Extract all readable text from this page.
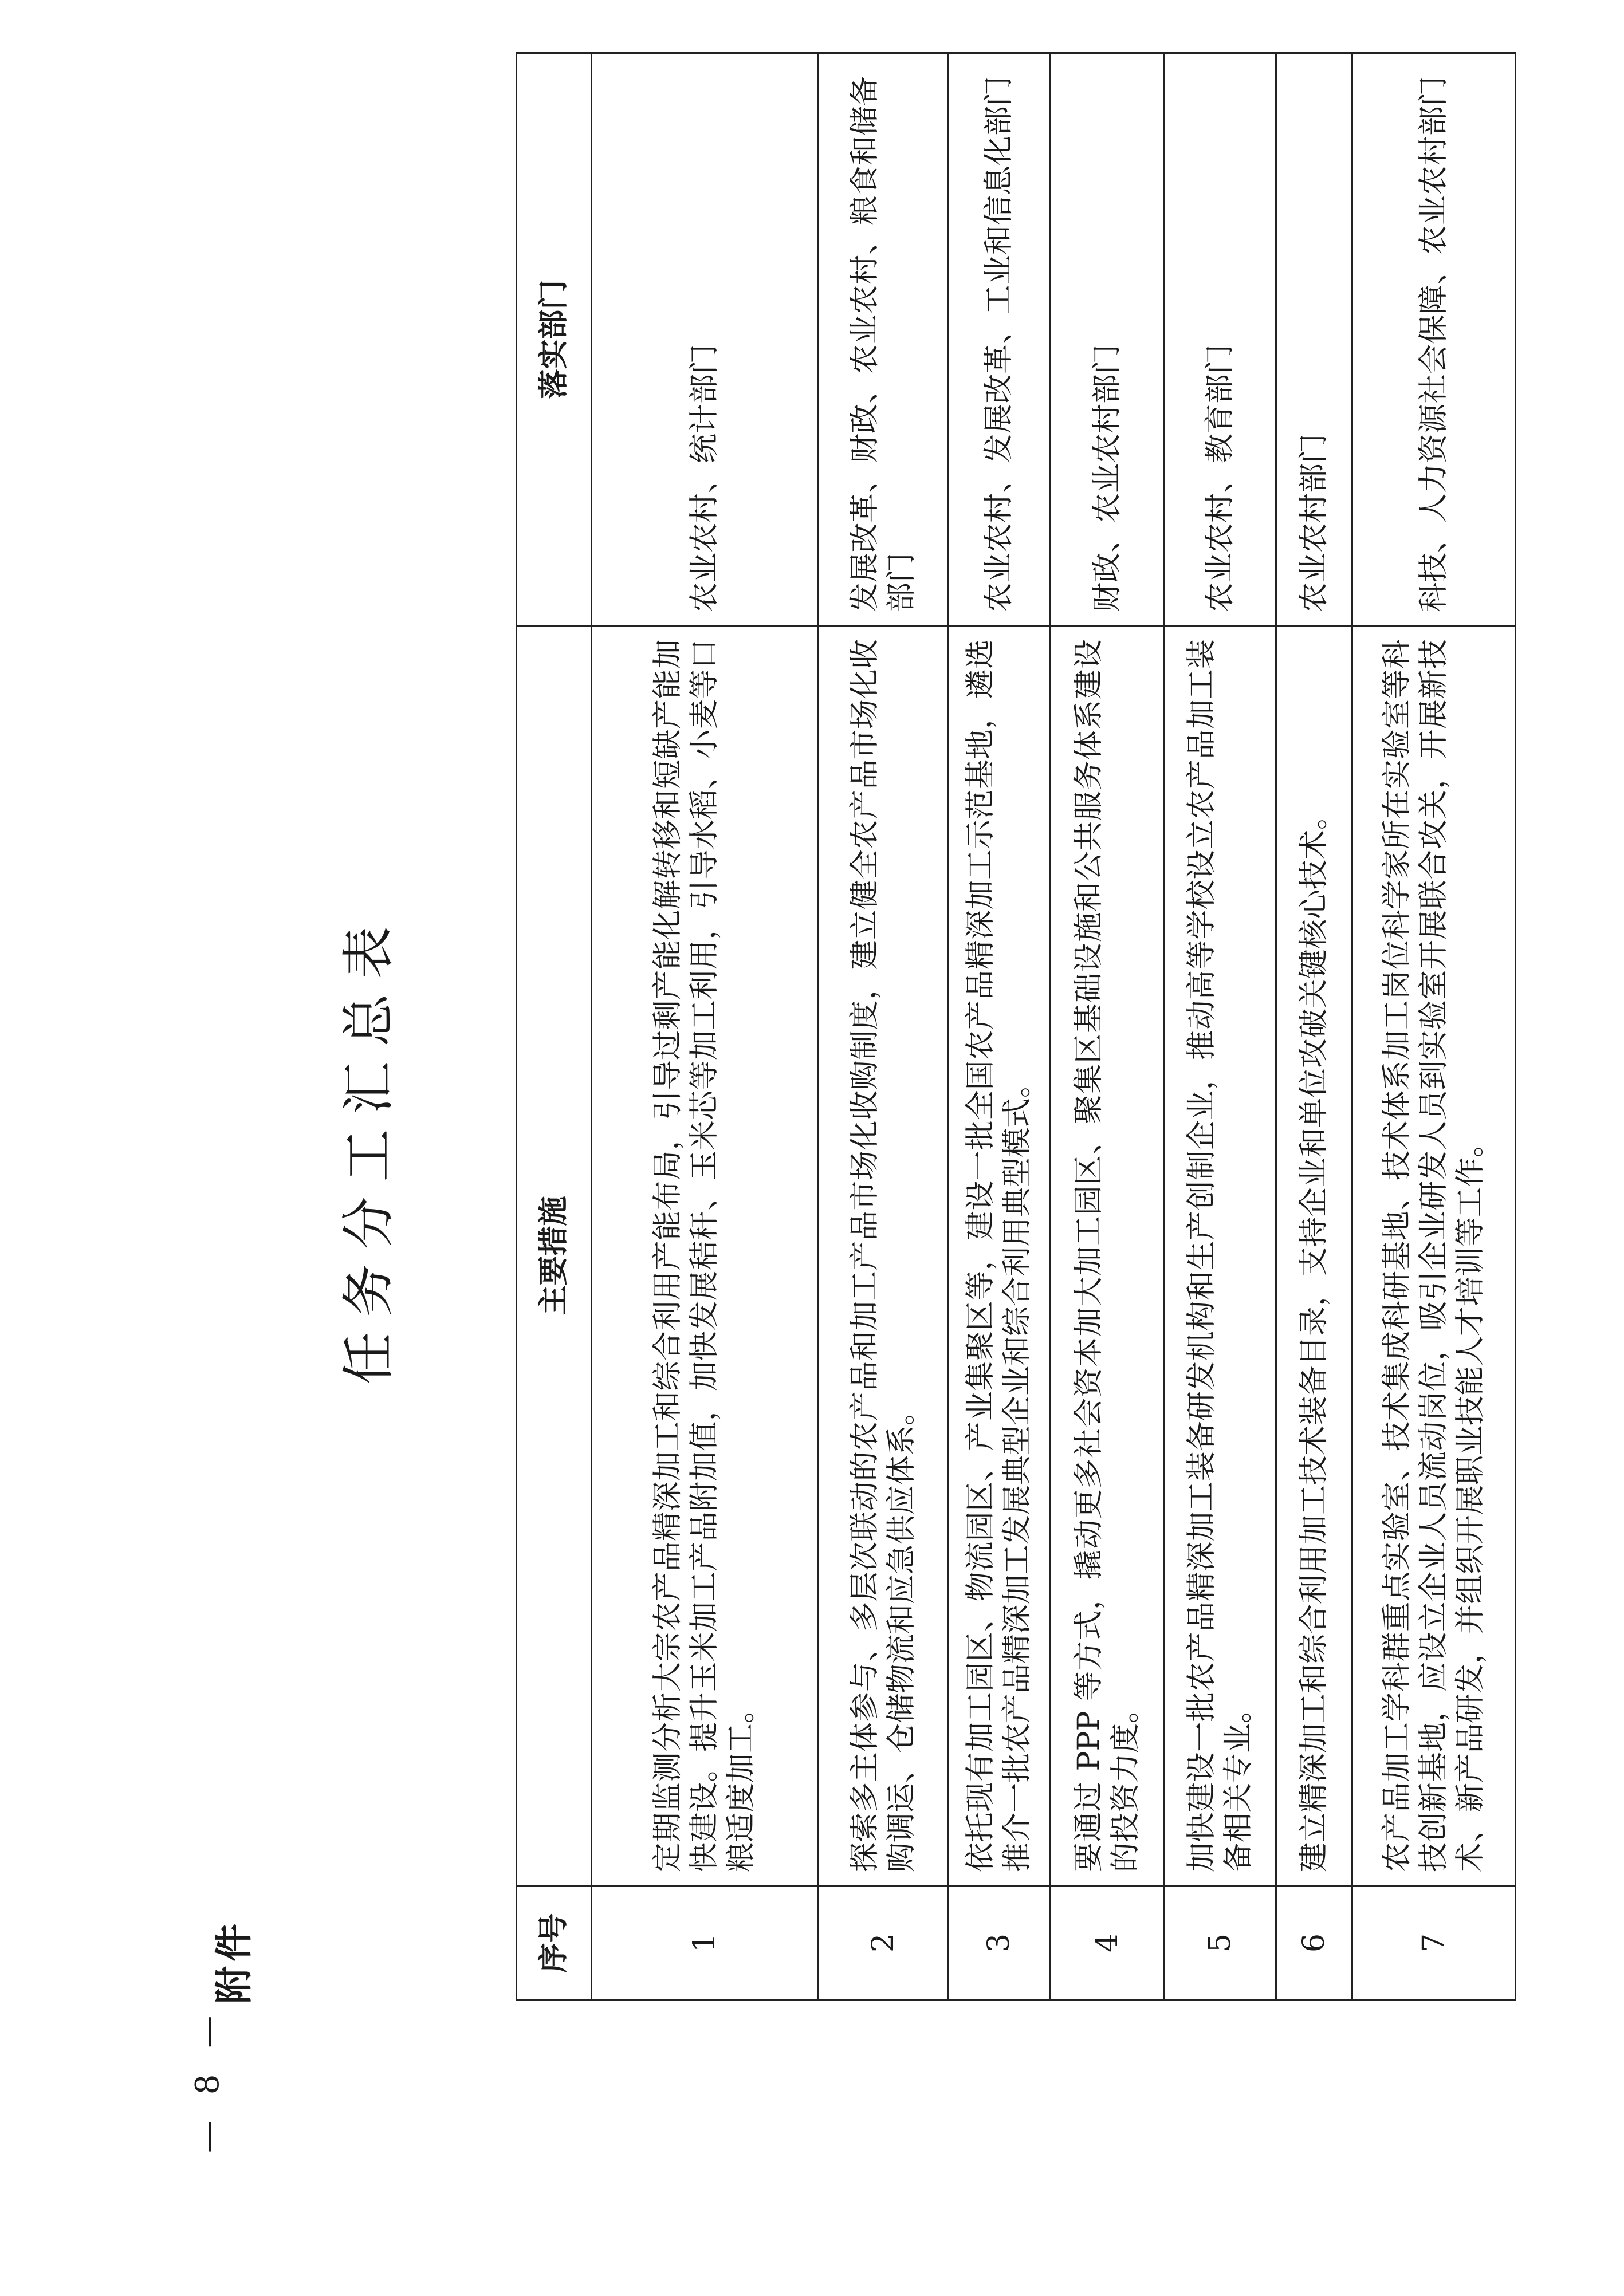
— 8 —
附件
任务分工汇总表
序号	主要措施	落实部门
1	定期监测分析大宗农产品精深加工和综合利用产能布局，引导过剩产能化解转移和短缺产能加快建设。提升玉米加工产品附加值，加快发展秸秆、玉米芯等加工利用，引导水稻、小麦等口粮适度加工。	农业农村、统计部门
2	探索多主体参与、多层次联动的农产品和加工产品市场化收购制度，建立健全农产品市场化收购调运、仓储物流和应急供应体系。	发展改革、财政、农业农村、粮食和储备部门
3	依托现有加工园区、物流园区、产业集聚区等，建设一批全国农产品精深加工示范基地，遴选推介一批农产品精深加工发展典型企业和综合利用典型模式。	农业农村、发展改革、工业和信息化部门
4	要通过 PPP 等方式，撬动更多社会资本加大加工园区、聚集区基础设施和公共服务体系建设的投资力度。	财政、农业农村部门
5	加快建设一批农产品精深加工装备研发机构和生产创制企业，推动高等学校设立农产品加工装备相关专业。	农业农村、教育部门
6	建立精深加工和综合利用加工技术装备目录，支持企业和单位攻破关键核心技术。	农业农村部门
7	农产品加工学科群重点实验室、技术集成科研基地、技术体系加工岗位科学家所在实验室等科技创新基地，应设立企业人员流动岗位，吸引企业研发人员到实验室开展联合攻关，开展新技术、新产品研发，并组织开展职业技能人才培训等工作。	科技、人力资源社会保障、农业农村部门
